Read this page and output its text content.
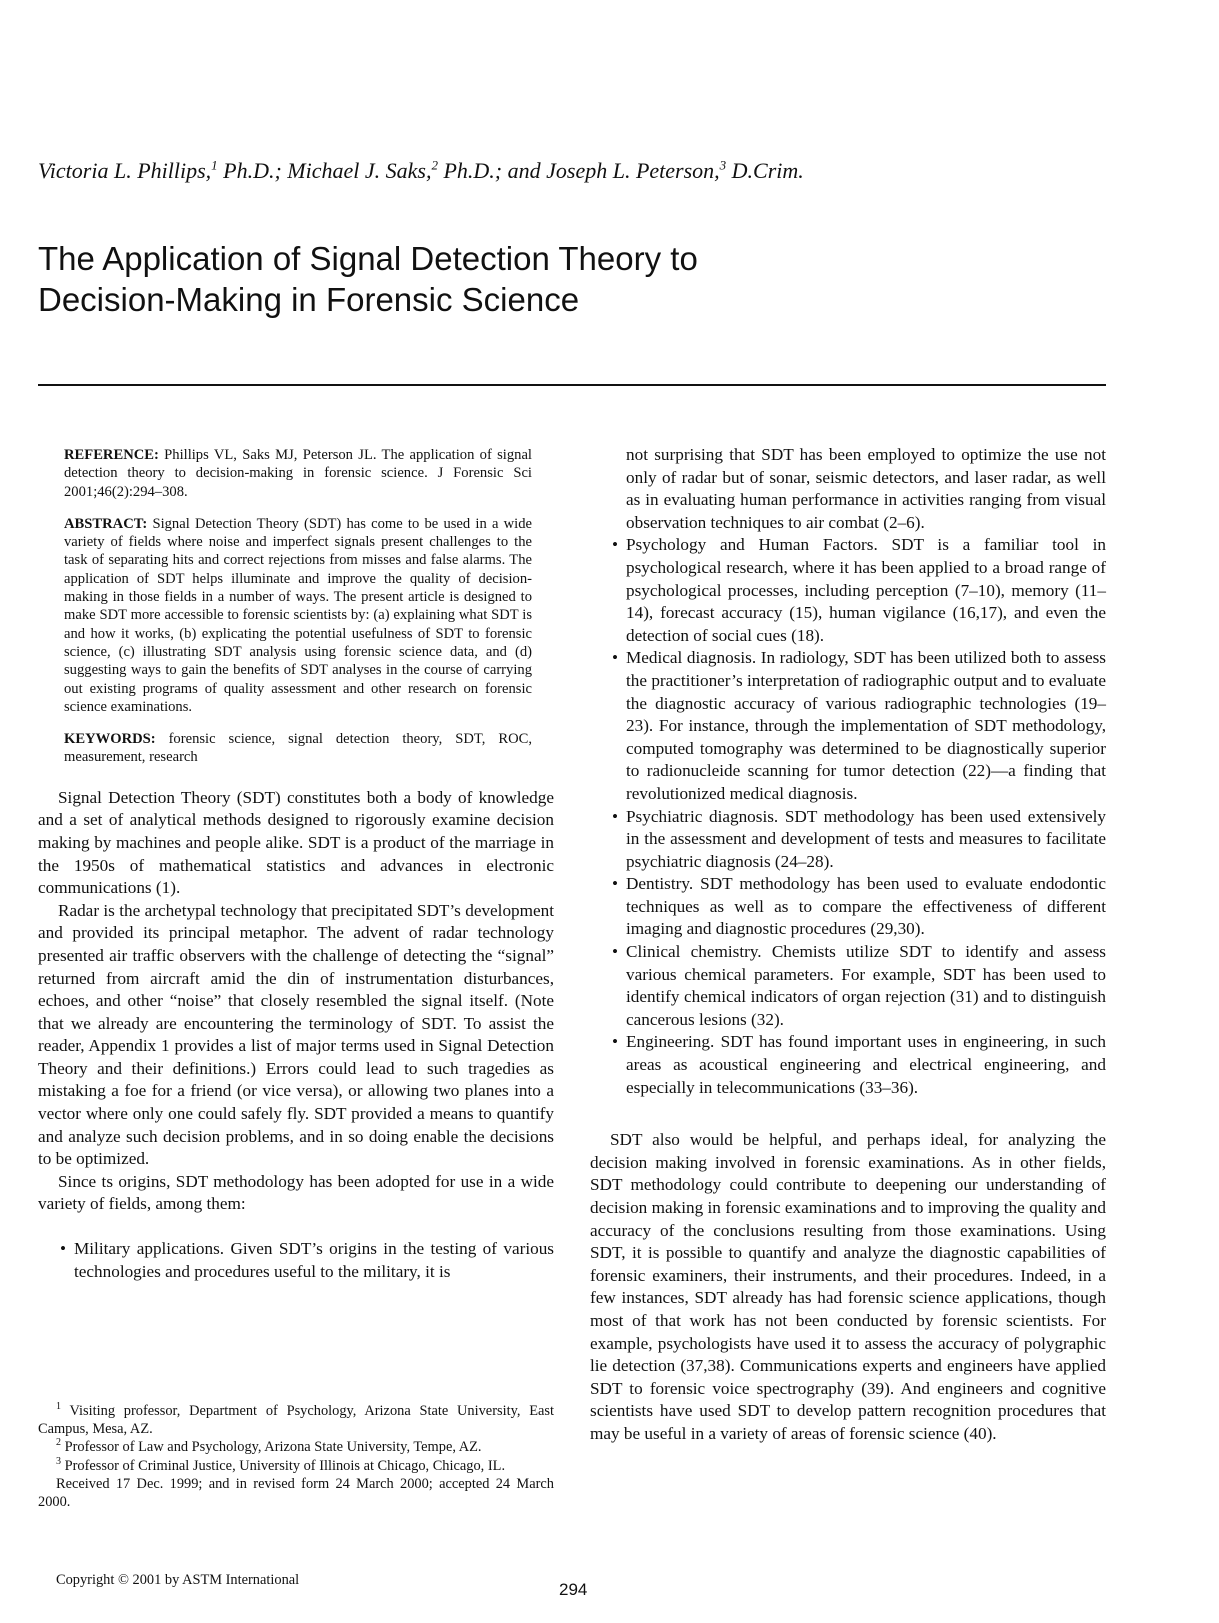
Victoria L. Phillips,$^1$ Ph.D.; Michael J. Saks,$^2$ Ph.D.; and Joseph L. Peterson,$^3$ D.Crim.
The Application of Signal Detection Theory to
Decision-Making in Forensic Science

REFERENCE: Phillips VL, Saks MJ, Peterson JL. The application of signal detection theory to decision-making in forensic science. J Forensic Sci 2001;46(2):294–308.

ABSTRACT: Signal Detection Theory (SDT) has come to be used in a wide variety of fields where noise and imperfect signals present challenges to the task of separating hits and correct rejections from misses and false alarms. The application of SDT helps illuminate and improve the quality of decision-making in those fields in a number of ways. The present article is designed to make SDT more accessible to forensic scientists by: (a) explaining what SDT is and how it works, (b) explicating the potential usefulness of SDT to forensic science, (c) illustrating SDT analysis using forensic science data, and (d) suggesting ways to gain the benefits of SDT analyses in the course of carrying out existing programs of quality assessment and other research on forensic science examinations.

KEYWORDS: forensic science, signal detection theory, SDT, ROC, measurement, research

Signal Detection Theory (SDT) constitutes both a body of knowledge and a set of analytical methods designed to rigorously examine decision making by machines and people alike. SDT is a product of the marriage in the 1950s of mathematical statistics and advances in electronic communications (1).

Radar is the archetypal technology that precipitated SDT’s development and provided its principal metaphor. The advent of radar technology presented air traffic observers with the challenge of detecting the “signal” returned from aircraft amid the din of instrumentation disturbances, echoes, and other “noise” that closely resembled the signal itself. (Note that we already are encountering the terminology of SDT. To assist the reader, Appendix 1 provides a list of major terms used in Signal Detection Theory and their definitions.) Errors could lead to such tragedies as mistaking a foe for a friend (or vice versa), or allowing two planes into a vector where only one could safely fly. SDT provided a means to quantify and analyze such decision problems, and in so doing enable the decisions to be optimized.

Since ts origins, SDT methodology has been adopted for use in a wide variety of fields, among them:

• Military applications. Given SDT’s origins in the testing of various technologies and procedures useful to the military, it is

$^1$ Visiting professor, Department of Psychology, Arizona State University, East Campus, Mesa, AZ.

$^2$ Professor of Law and Psychology, Arizona State University, Tempe, AZ.

$^3$ Professor of Criminal Justice, University of Illinois at Chicago, Chicago, IL.

Received 17 Dec. 1999; and in revised form 24 March 2000; accepted 24 March 2000.

not surprising that SDT has been employed to optimize the use not only of radar but of sonar, seismic detectors, and laser radar, as well as in evaluating human performance in activities ranging from visual observation techniques to air combat (2–6).
• Psychology and Human Factors. SDT is a familiar tool in psychological research, where it has been applied to a broad range of psychological processes, including perception (7–10), memory (11–14), forecast accuracy (15), human vigilance (16,17), and even the detection of social cues (18).
• Medical diagnosis. In radiology, SDT has been utilized both to assess the practitioner’s interpretation of radiographic output and to evaluate the diagnostic accuracy of various radiographic technologies (19–23). For instance, through the implementation of SDT methodology, computed tomography was determined to be diagnostically superior to radionucleide scanning for tumor detection (22)—a finding that revolutionized medical diagnosis.
• Psychiatric diagnosis. SDT methodology has been used extensively in the assessment and development of tests and measures to facilitate psychiatric diagnosis (24–28).
• Dentistry. SDT methodology has been used to evaluate endodontic techniques as well as to compare the effectiveness of different imaging and diagnostic procedures (29,30).
• Clinical chemistry. Chemists utilize SDT to identify and assess various chemical parameters. For example, SDT has been used to identify chemical indicators of organ rejection (31) and to distinguish cancerous lesions (32).
• Engineering. SDT has found important uses in engineering, in such areas as acoustical engineering and electrical engineering, and especially in telecommunications (33–36).

SDT also would be helpful, and perhaps ideal, for analyzing the decision making involved in forensic examinations. As in other fields, SDT methodology could contribute to deepening our understanding of decision making in forensic examinations and to improving the quality and accuracy of the conclusions resulting from those examinations. Using SDT, it is possible to quantify and analyze the diagnostic capabilities of forensic examiners, their instruments, and their procedures. Indeed, in a few instances, SDT already has had forensic science applications, though most of that work has not been conducted by forensic scientists. For example, psychologists have used it to assess the accuracy of polygraphic lie detection (37,38). Communications experts and engineers have applied SDT to forensic voice spectrography (39). And engineers and cognitive scientists have used SDT to develop pattern recognition procedures that may be useful in a variety of areas of forensic science (40).

Copyright © 2001 by ASTM International	294
